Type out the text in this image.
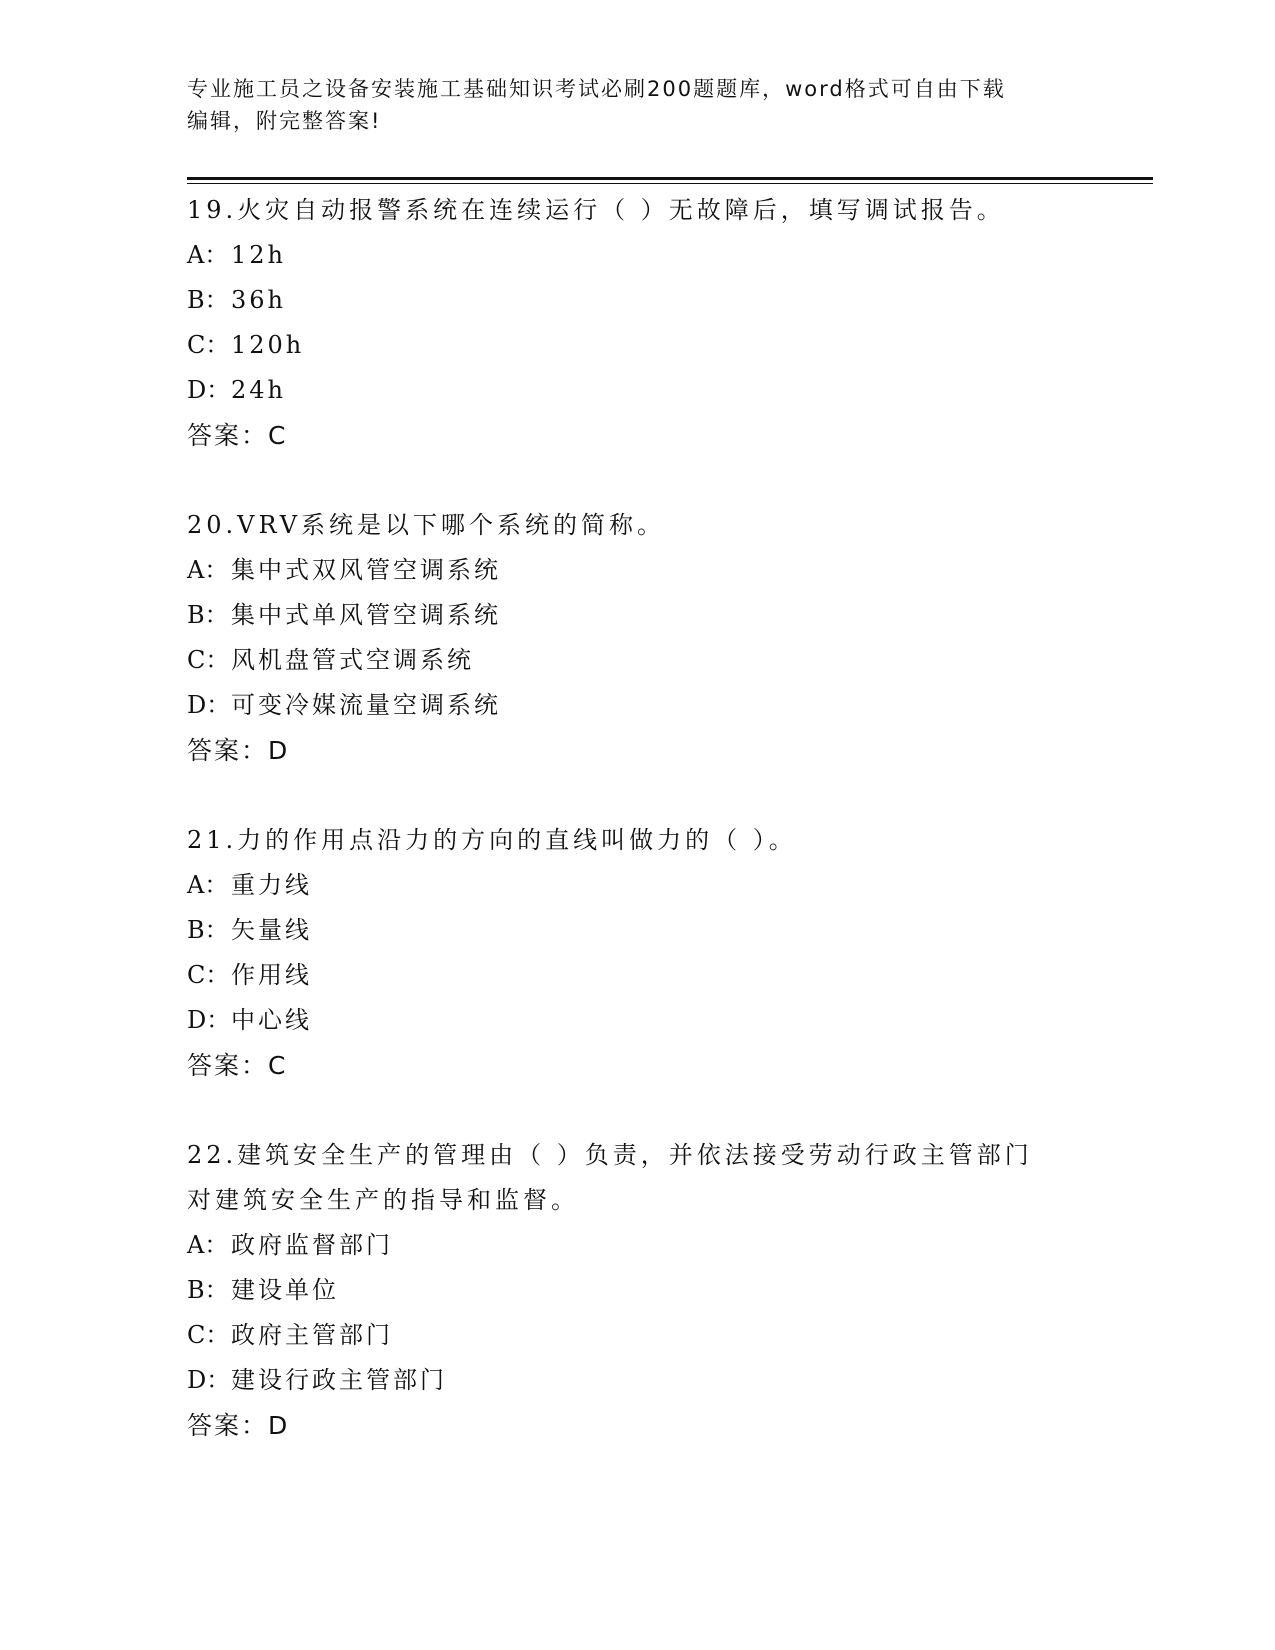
专业施工员之设备安装施工基础知识考试必刷200题题库，word格式可自由下载
编辑，附完整答案!

19.火灾自动报警系统在连续运行（ ）无故障后，填写调试报告。

A： 12h
B：36h
C：120h
D：24h
答案：C

20.VRV系统是以下哪个系统的简称。

A： 集中式双风管空调系统
B：集中式单风管空调系统
C：风机盘管式空调系统
D：可变冷媒流量空调系统
答案：D

21.力的作用点沿力的方向的直线叫做力的（ ）。

A： 重力线
B：矢量线
C：作用线
D：中心线
答案：C

22.建筑安全生产的管理由（ ）负责，并依法接受劳动行政主管部门对建筑安全生产的指导和监督。

A： 政府监督部门
B：建设单位
C：政府主管部门
D：建设行政主管部门
答案：D
